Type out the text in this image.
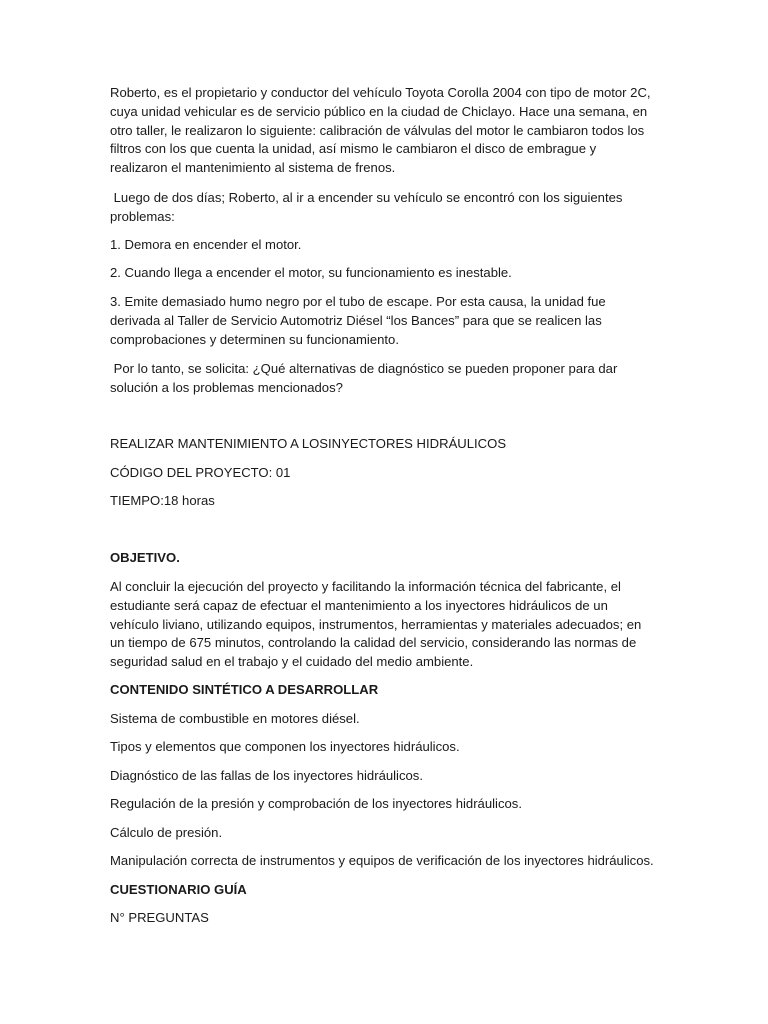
Roberto, es el propietario y conductor del vehículo Toyota Corolla 2004 con tipo de motor 2C, cuya unidad vehicular es de servicio público en la ciudad de Chiclayo. Hace una semana, en otro taller, le realizaron lo siguiente: calibración de válvulas del motor le cambiaron todos los filtros con los que cuenta la unidad, así mismo le cambiaron el disco de embrague y realizaron el mantenimiento al sistema de frenos.

Luego de dos días; Roberto, al ir a encender su vehículo se encontró con los siguientes problemas:

1. Demora en encender el motor.

2. Cuando llega a encender el motor, su funcionamiento es inestable.

3. Emite demasiado humo negro por el tubo de escape. Por esta causa, la unidad fue derivada al Taller de Servicio Automotriz Diésel “los Bances” para que se realicen las comprobaciones y determinen su funcionamiento.

Por lo tanto, se solicita: ¿Qué alternativas de diagnóstico se pueden proponer para dar solución a los problemas mencionados?

REALIZAR MANTENIMIENTO A LOSINYECTORES HIDRÁULICOS

CÓDIGO DEL PROYECTO: 01

TIEMPO:18 horas

OBJETIVO.

Al concluir la ejecución del proyecto y facilitando la información técnica del fabricante, el estudiante será capaz de efectuar el mantenimiento a los inyectores hidráulicos de un vehículo liviano, utilizando equipos, instrumentos, herramientas y materiales adecuados; en un tiempo de 675 minutos, controlando la calidad del servicio, considerando las normas de seguridad salud en el trabajo y el cuidado del medio ambiente.

CONTENIDO SINTÉTICO A DESARROLLAR

Sistema de combustible en motores diésel.

Tipos y elementos que componen los inyectores hidráulicos.

Diagnóstico de las fallas de los inyectores hidráulicos.

Regulación de la presión y comprobación de los inyectores hidráulicos.

Cálculo de presión.

Manipulación correcta de instrumentos y equipos de verificación de los inyectores hidráulicos.

CUESTIONARIO GUÍA

N° PREGUNTAS
